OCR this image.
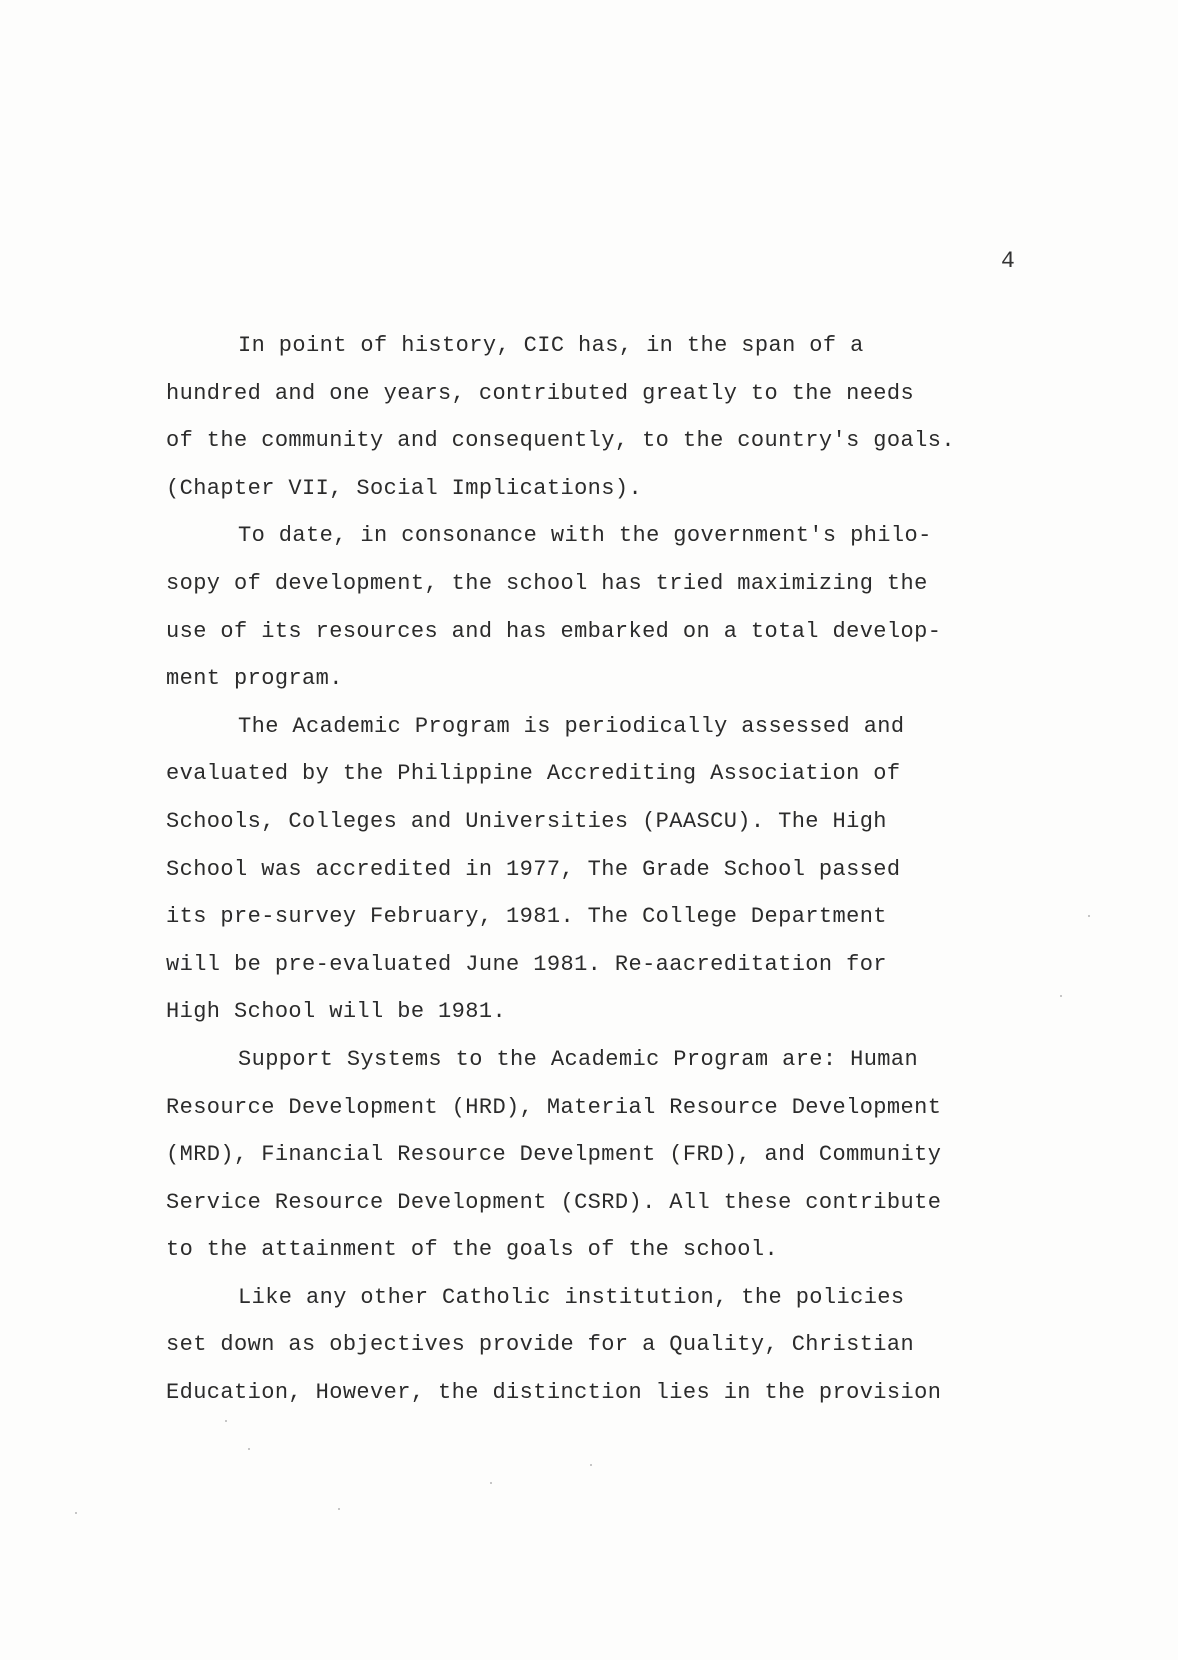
4

In point of history, CIC has, in the span of a
hundred and one years, contributed greatly to the needs
of the community and consequently, to the country's goals.
(Chapter VII, Social Implications).

To date, in consonance with the government's philo-
sopy of development, the school has tried maximizing the
use of its resources and has embarked on a total develop-
ment program.

The Academic Program is periodically assessed and
evaluated by the Philippine Accrediting Association of
Schools, Colleges and Universities (PAASCU). The High
School was accredited in 1977, The Grade School passed
its pre-survey February, 1981. The College Department
will be pre-evaluated June 1981. Re-aacreditation for
High School will be 1981.

Support Systems to the Academic Program are: Human
Resource Development (HRD), Material Resource Development
(MRD), Financial Resource Develpment (FRD), and Community
Service Resource Development (CSRD). All these contribute
to the attainment of the goals of the school.

Like any other Catholic institution, the policies
set down as objectives provide for a Quality, Christian
Education, However, the distinction lies in the provision
